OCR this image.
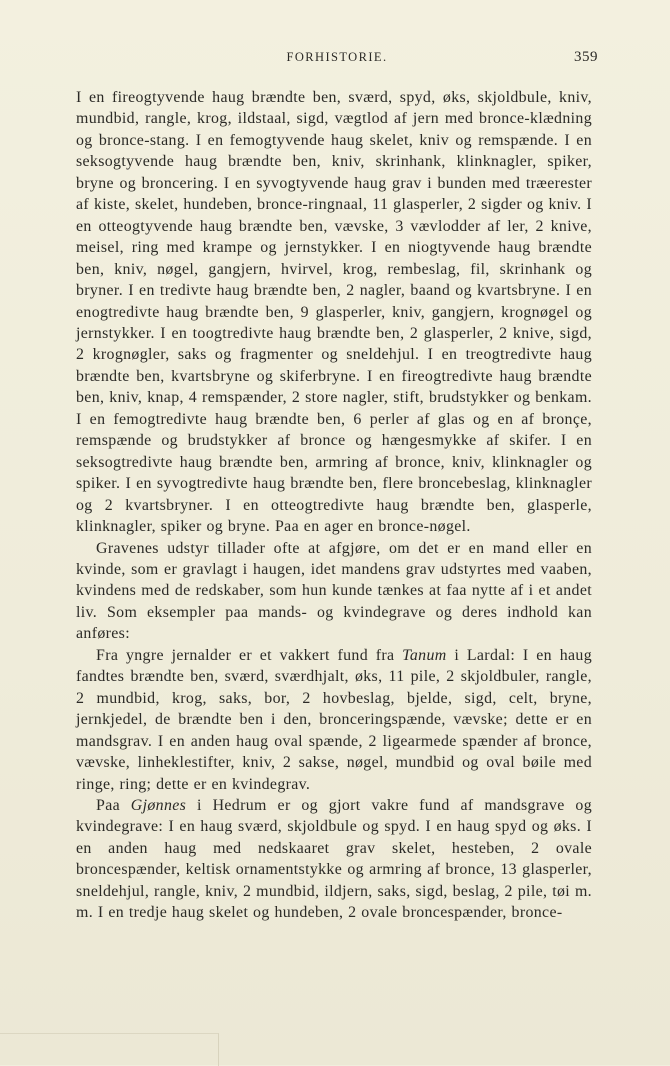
FORHISTORIE.	359

I en fireogtyvende haug brændte ben, sværd, spyd, øks, skjoldbule, kniv, mundbid, rangle, krog, ildstaal, sigd, vægtlod af jern med bronce-klædning og bronce-stang. I en femogtyvende haug skelet, kniv og remspænde. I en seksogtyvende haug brændte ben, kniv, skrinhank, klinknagler, spiker, bryne og broncering. I en syvogtyvende haug grav i bunden med træerester af kiste, skelet, hundeben, bronce-ringnaal, 11 glasperler, 2 sigder og kniv. I en otteogtyvende haug brændte ben, vævske, 3 vævlodder af ler, 2 knive, meisel, ring med krampe og jernstykker. I en niogtyvende haug brændte ben, kniv, nøgel, gangjern, hvirvel, krog, rembeslag, fil, skrinhank og bryner. I en tredivte haug brændte ben, 2 nagler, baand og kvartsbryne. I en enogtredivte haug brændte ben, 9 glasperler, kniv, gangjern, krognøgel og jernstykker. I en toogtredivte haug brændte ben, 2 glasperler, 2 knive, sigd, 2 krognøgler, saks og fragmenter og sneldehjul. I en treogtredivte haug brændte ben, kvartsbryne og skiferbryne. I en fireogtredivte haug brændte ben, kniv, knap, 4 remspænder, 2 store nagler, stift, brudstykker og benkam. I en femogtredivte haug brændte ben, 6 perler af glas og en af bronçe, remspænde og brudstykker af bronce og hængesmykke af skifer. I en seksogtredivte haug brændte ben, armring af bronce, kniv, klinknagler og spiker. I en syvogtredivte haug brændte ben, flere broncebeslag, klinknagler og 2 kvartsbryner. I en otteogtredivte haug brændte ben, glasperle, klinknagler, spiker og bryne. Paa en ager en bronce-nøgel.

Gravenes udstyr tillader ofte at afgjøre, om det er en mand eller en kvinde, som er gravlagt i haugen, idet mandens grav udstyrtes med vaaben, kvindens med de redskaber, som hun kunde tænkes at faa nytte af i et andet liv. Som eksempler paa mands- og kvindegrave og deres indhold kan anføres:

Fra yngre jernalder er et vakkert fund fra Tanum i Lardal: I en haug fandtes brændte ben, sværd, sværdhjalt, øks, 11 pile, 2 skjoldbuler, rangle, 2 mundbid, krog, saks, bor, 2 hovbeslag, bjelde, sigd, celt, bryne, jernkjedel, de brændte ben i den, bronceringspænde, vævske; dette er en mandsgrav. I en anden haug oval spænde, 2 ligearmede spænder af bronce, vævske, linheklestifter, kniv, 2 sakse, nøgel, mundbid og oval bøile med ringe, ring; dette er en kvindegrav.

Paa Gjønnes i Hedrum er og gjort vakre fund af mandsgrave og kvindegrave: I en haug sværd, skjoldbule og spyd. I en haug spyd og øks. I en anden haug med nedskaaret grav skelet, hesteben, 2 ovale broncespænder, keltisk ornamentstykke og armring af bronce, 13 glasperler, sneldehjul, rangle, kniv, 2 mundbid, ildjern, saks, sigd, beslag, 2 pile, tøi m. m. I en tredje haug skelet og hundeben, 2 ovale broncespænder, bronce-
